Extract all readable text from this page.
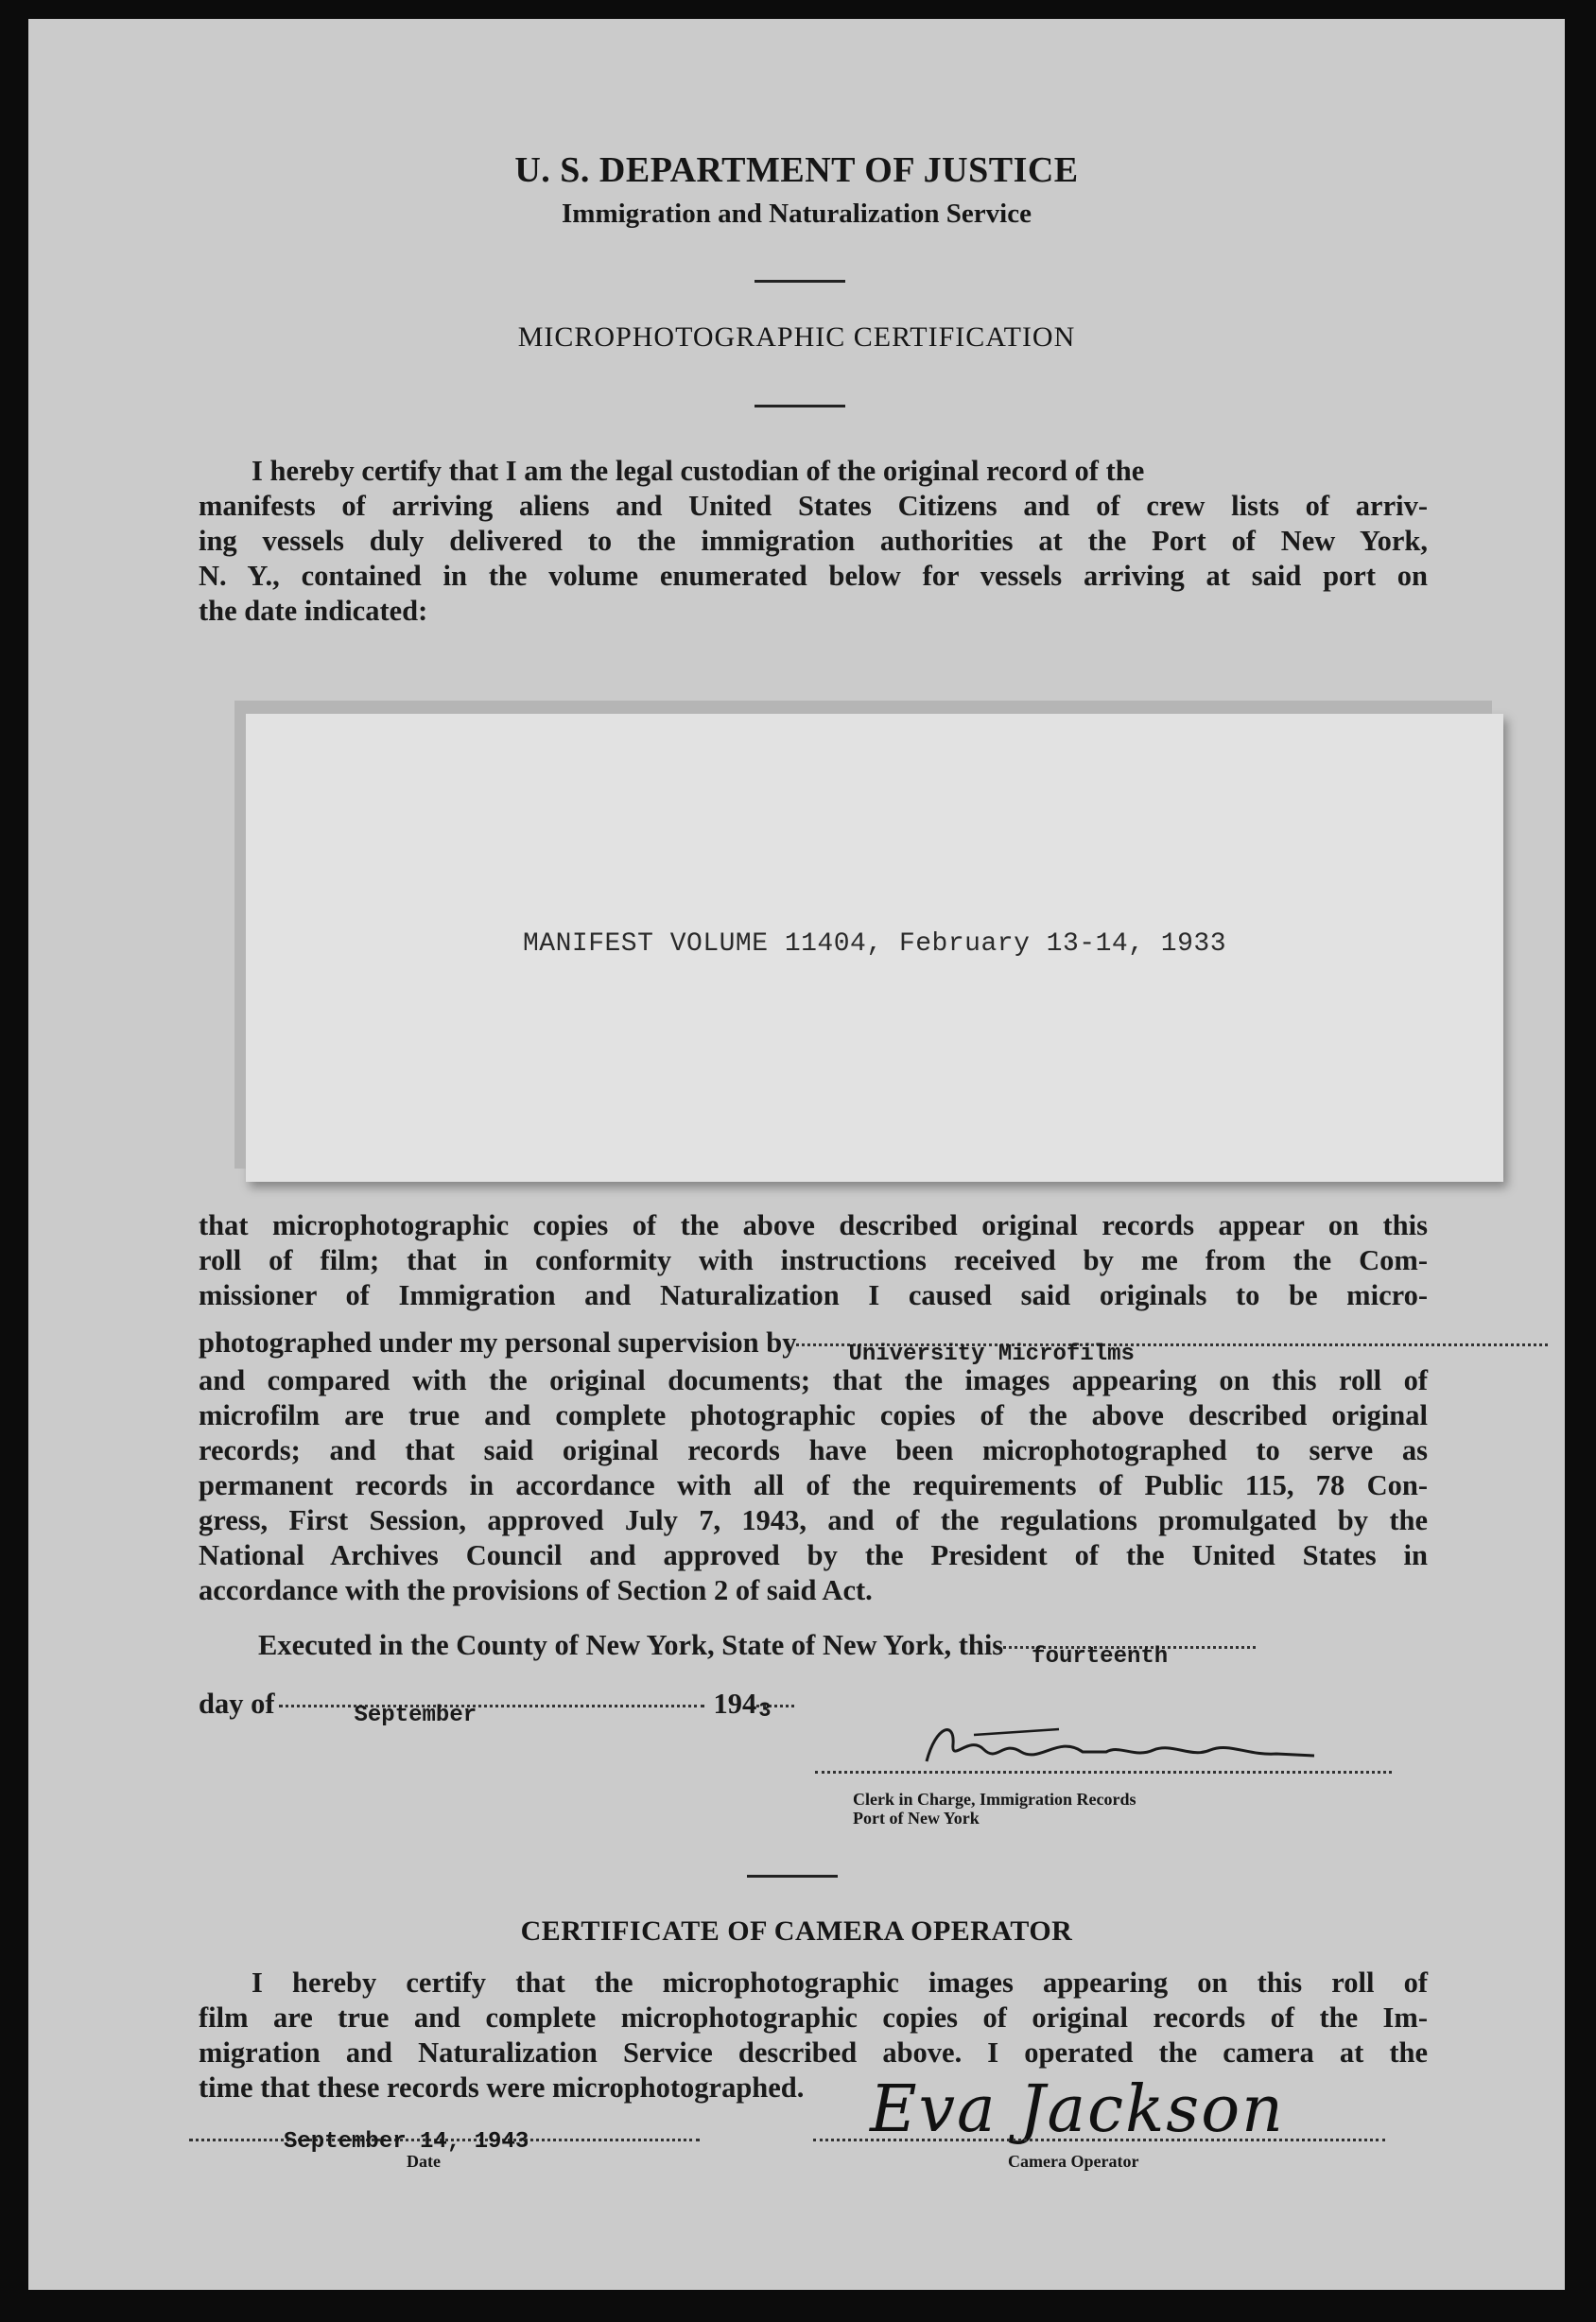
U. S. DEPARTMENT OF JUSTICE
Immigration and Naturalization Service
MICROPHOTOGRAPHIC CERTIFICATION
I hereby certify that I am the legal custodian of the original record of the
manifests of arriving aliens and United States Citizens and of crew lists of arriv-
ing vessels duly delivered to the immigration authorities at the Port of New York,
N. Y., contained in the volume enumerated below for vessels arriving at said port on
the date indicated:
MANIFEST VOLUME 11404, February 13-14, 1933
that microphotographic copies of the above described original records appear on this
roll of film; that in conformity with instructions received by me from the Com-
missioner of Immigration and Naturalization I caused said originals to be micro-
photographed under my personal supervision by University Microfilms
and compared with the original documents; that the images appearing on this roll of
microfilm are true and complete photographic copies of the above described original
records; and that said original records have been microphotographed to serve as
permanent records in accordance with all of the requirements of Public 115, 78 Con-
gress, First Session, approved July 7, 1943, and of the regulations promulgated by the
National Archives Council and approved by the President of the United States in
accordance with the provisions of Section 2 of said Act.
Executed in the County of New York, State of New York, this fourteenth
day of	September	194 3
Clerk in Charge, Immigration Records
Port of New York
CERTIFICATE OF CAMERA OPERATOR
I hereby certify that the microphotographic images appearing on this roll of
film are true and complete microphotographic copies of original records of the Im-
migration and Naturalization Service described above. I operated the camera at the
time that these records were microphotographed.
September 14, 1943
Date
Eva Jackson
Camera Operator
